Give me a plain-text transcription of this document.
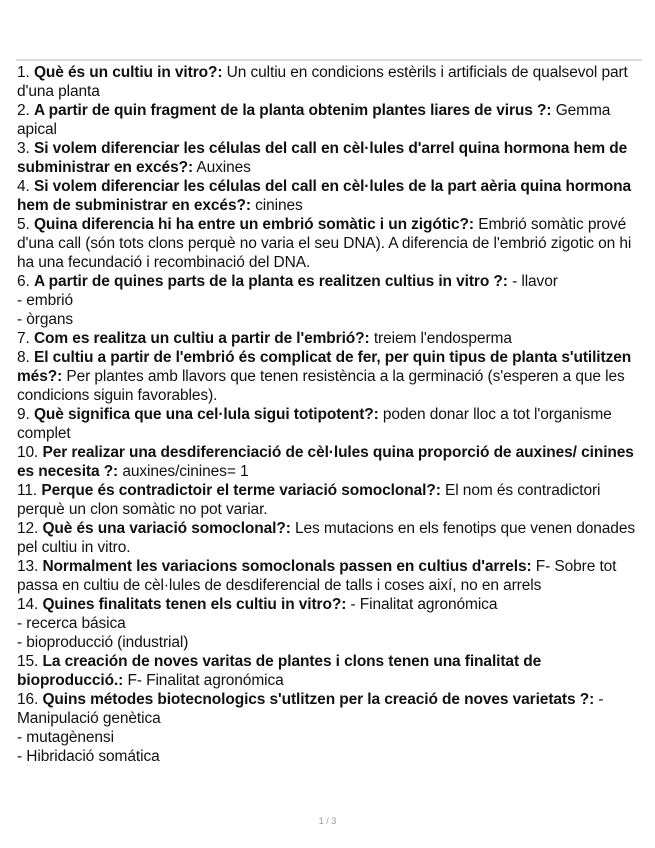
1. Què és un cultiu in vitro?: Un cultiu en condicions estèrils i artificials de qualsevol part d'una planta

2. A partir de quin fragment de la planta obtenim plantes liares de virus ?: Gemma apical

3. Si volem diferenciar les células del call en cèl·lules d'arrel quina hormona hem de subministrar en excés?: Auxines

4. Si volem diferenciar les células del call en cèl·lules de la part aèria quina hormona hem de subministrar en excés?: cinines

5. Quina diferencia hi ha entre un embrió somàtic i un zigótic?: Embrió somàtic prové d'una call (són tots clons perquè no varia el seu DNA). A diferencia de l'embrió zigotic on hi ha una fecundació i recombinació del DNA.

6. A partir de quines parts de la planta es realitzen cultius in vitro ?: - llavor

- embrió

- òrgans

7. Com es realitza un cultiu a partir de l'embrió?: treiem l'endosperma

8. El cultiu a partir de l'embrió és complicat de fer, per quin tipus de planta s'utilitzen més?: Per plantes amb llavors que tenen resistència a la germinació (s'esperen a que les condicions siguin favorables).

9. Què significa que una cel·lula sigui totipotent?: poden donar lloc a tot l'organisme complet

10. Per realizar una desdiferenciació de cèl·lules quina proporció de auxines/ cinines es necesita ?: auxines/cinines= 1

11. Perque és contradictoir el terme variació somoclonal?: El nom és contradictori perquè un clon somàtic no pot variar.

12. Què és una variació somoclonal?: Les mutacions en els fenotips que venen donades pel cultiu in vitro.

13. Normalment les variacions somoclonals passen en cultius d'arrels: F- Sobre tot passa en cultiu de cèl·lules de desdiferencial de talls i coses així, no en arrels

14. Quines finalitats tenen els cultiu in vitro?: - Finalitat agronómica

- recerca básica

- bioproducció (industrial)

15. La creación de noves varitas de plantes i clons tenen una finalitat de bioproducció.: F- Finalitat agronómica

16. Quins métodes biotecnologics s'utlitzen per la creació de noves varietats ?: - Manipulació genètica

- mutagènensi

- Hibridació somática

1 / 3
